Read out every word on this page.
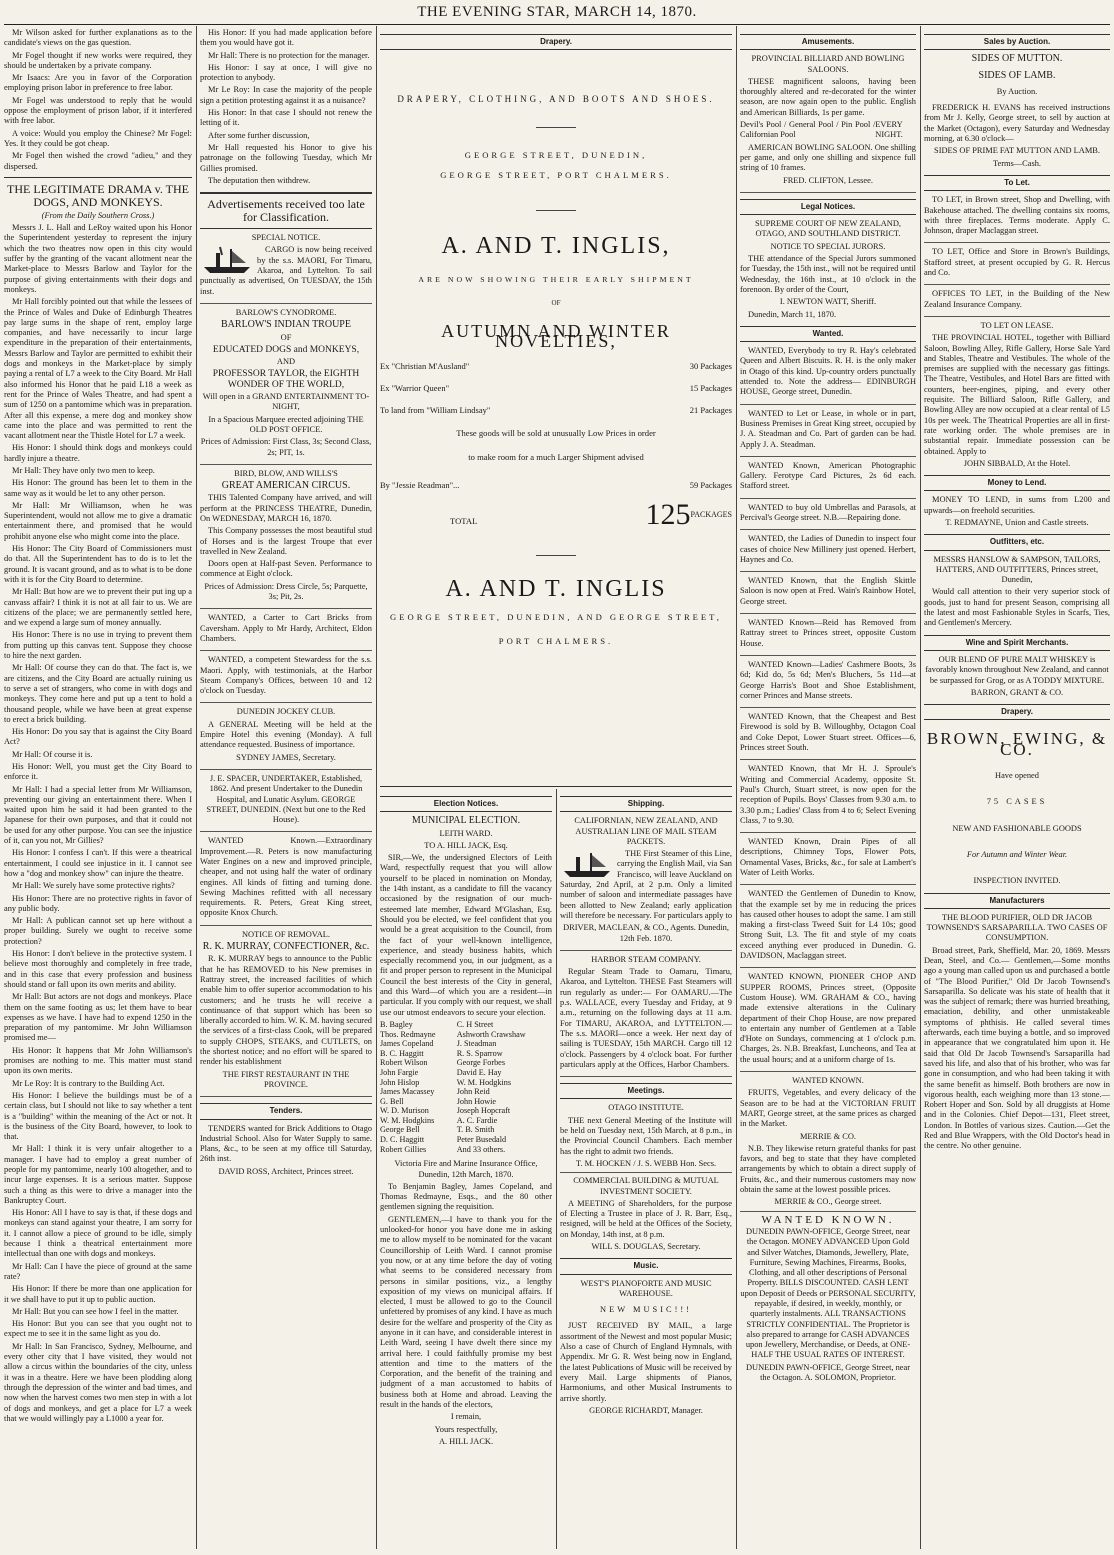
THE EVENING STAR, MARCH 14, 1870.

Mr Wilson asked for further explanations as to the candidate's views on the gas question.

Mr Fogel thought if new works were required, they should be undertaken by a private company.

Mr Isaacs: Are you in favor of the Corporation employing prison labor in preference to free labor.

Mr Fogel was understood to reply that he would oppose the employment of prison labor, if it interfered with free labor.

A voice: Would you employ the Chinese? Mr Fogel: Yes. It they could be got cheap.

Mr Fogel then wished the crowd "adieu," and they dispersed.

THE LEGITIMATE DRAMA v. THE DOGS, AND MONKEYS.

(From the Daily Southern Cross.)

Messrs J. L. Hall and LeRoy waited upon his Honor the Superintendent yesterday to represent the injury which the two theatres now open in this city would suffer by the granting of the vacant allotment near the Market-place to Messrs Barlow and Taylor for the purpose of giving entertainments with their dogs and monkeys.

Mr Hall forcibly pointed out that while the lessees of the Prince of Wales and Duke of Edinburgh Theatres pay large sums in the shape of rent, employ large companies, and have necessarily to incur large expenditure in the preparation of their entertainments, Messrs Barlow and Taylor are permitted to exhibit their dogs and monkeys in the Market-place by simply paying a rental of L7 a week to the City Board. Mr Hall also informed his Honor that he paid L18 a week as rent for the Prince of Wales Theatre, and had spent a sum of 1250 on a pantomime which was in preparation. After all this expense, a mere dog and monkey show came into the place and was permitted to rent the vacant allotment near the Thistle Hotel for L7 a week.

His Honor: I should think dogs and monkeys could hardly injure a theatre.

Mr Hall: They have only two men to keep.

His Honor: The ground has been let to them in the same way as it would be let to any other person.

Mr Hall: Mr Williamson, when he was Superintendent, would not allow me to give a dramatic entertainment there, and promised that he would prohibit anyone else who might come into the place.

His Honor: The City Board of Commissioners must do that. All the Superintendent has to do is to let the ground. It is vacant ground, and as to what is to be done with it is for the City Board to determine.

Mr Hall: But how are we to prevent their put ing up a canvass affair? I think it is not at all fair to us. We are citizens of the place; we are permanently settled here, and we expend a large sum of money annually.

His Honor: There is no use in trying to prevent them from putting up this canvas tent. Suppose they choose to hire the next garden.

Mr Hall: Of course they can do that. The fact is, we are citizens, and the City Board are actually ruining us to serve a set of strangers, who come in with dogs and monkeys. They come here and put up a tent to hold a thousand people, while we have been at great expense to erect a brick building.

His Honor: Do you say that is against the City Board Act?

Mr Hall: Of course it is.

His Honor: Well, you must get the City Board to enforce it.

Mr Hall: I had a special letter from Mr Williamson, preventing our giving an entertainment there. When I waited upon him he said it had been granted to the Japanese for their own purposes, and that it could not be used for any other purpose. You can see the injustice of it, can you not, Mr Gillies?

His Honor: I confess I can't. If this were a theatrical entertainment, I could see injustice in it. I cannot see how a "dog and monkey show" can injure the theatre.

Mr Hall: We surely have some protective rights?

His Honor: There are no protective rights in favor of any public body.

Mr Hall: A publican cannot set up here without a proper building. Surely we ought to receive some protection?

His Honor: I don't believe in the protective system. I believe most thoroughly and completely in free trade, and in this case that every profession and business should stand or fall upon its own merits and ability.

Mr Hall: But actors are not dogs and monkeys. Place them on the same footing as us; let them have to bear expenses as we have. I have had to expend 1250 in the preparation of my pantomime. Mr John Williamson promised me—

His Honor: It happens that Mr John Williamson's promises are nothing to me. This matter must stand upon its own merits.

Mr Le Roy: It is contrary to the Building Act.

His Honor: I believe the buildings must be of a certain class, but I should not like to say whether a tent is a "building" within the meaning of the Act or not. It is the business of the City Board, however, to look to that.

Mr Hall: I think it is very unfair altogether to a manager. I have had to employ a great number of people for my pantomime, nearly 100 altogether, and to incur large expenses. It is a serious matter. Suppose such a thing as this were to drive a manager into the Bankruptcy Court.

His Honor: All I have to say is that, if these dogs and monkeys can stand against your theatre, I am sorry for it. I cannot allow a piece of ground to be idle, simply because I think a theatrical entertainment more intellectual than one with dogs and monkeys.

Mr Hall: Can I have the piece of ground at the same rate?

His Honor: If there be more than one application for it we shall have to put it up to public auction.

Mr Hall: But you can see how I feel in the matter.

His Honor: But you can see that you ought not to expect me to see it in the same light as you do.

Mr Hall: In San Francisco, Sydney, Melbourne, and every other city that I have visited, they would not allow a circus within the boundaries of the city, unless it was in a theatre. Here we have been plodding along through the depression of the winter and bad times, and now when the harvest comes two men step in with a lot of dogs and monkeys, and get a place for L7 a week that we would willingly pay a L1000 a year for.

His Honor: If you had made application before them you would have got it.

Mr Hall: There is no protection for the manager.

His Honor: I say at once, I will give no protection to anybody.

Mr Le Roy: In case the majority of the people sign a petition protesting against it as a nuisance?

His Honor: In that case I should not renew the letting of it.

After some further discussion,

Mr Hall requested his Honor to give his patronage on the following Tuesday, which Mr Gillies promised.

The deputation then withdrew.

Advertisements received too late for Classification.

SPECIAL NOTICE.

CARGO is now being received by the s.s. MAORI, For Timaru, Akaroa, and Lyttelton. To sail punctually as advertised, On TUESDAY, the 15th inst.

BARLOW'S CYNODROME.

BARLOW'S INDIAN TROUPE

OF

EDUCATED DOGS and MONKEYS,

AND

PROFESSOR TAYLOR, the EIGHTH WONDER OF THE WORLD,

Will open in a GRAND ENTERTAINMENT TO-NIGHT,

In a Spacious Marquee erected adjoining THE OLD POST OFFICE.

Prices of Admission: First Class, 3s; Second Class, 2s; PIT, 1s.

BIRD, BLOW, AND WILLS'S

GREAT AMERICAN CIRCUS.

THIS Talented Company have arrived, and will perform at the PRINCESS THEATRE, Dunedin, On WEDNESDAY, MARCH 16, 1870.

This Company possesses the most beautiful stud of Horses and is the largest Troupe that ever travelled in New Zealand.

Doors open at Half-past Seven. Performance to commence at Eight o'clock.

Prices of Admission: Dress Circle, 5s; Parquette, 3s; Pit, 2s.

WANTED, a Carter to Cart Bricks from Caversham. Apply to Mr Hardy, Architect, Eldon Chambers.

WANTED, a competent Stewardess for the s.s. Maori. Apply, with testimonials, at the Harbor Steam Company's Offices, between 10 and 12 o'clock on Tuesday.

DUNEDIN JOCKEY CLUB.

A GENERAL Meeting will be held at the Empire Hotel this evening (Monday). A full attendance requested. Business of importance.

SYDNEY JAMES, Secretary.

J. E. SPACER, UNDERTAKER, Established, 1862. And present Undertaker to the Dunedin Hospital, and Lunatic Asylum. GEORGE STREET, DUNEDIN. (Next but one to the Red House).

WANTED Known.—Extraordinary Improvement.—R. Peters is now manufacturing Water Engines on a new and improved principle, cheaper, and not using half the water of ordinary engines. All kinds of fitting and turning done. Sewing Machines refitted with all necessary requirements. R. Peters, Great King street, opposite Knox Church.

NOTICE OF REMOVAL.

R. K. MURRAY, CONFECTIONER, &c.

R. K. MURRAY begs to announce to the Public that he has REMOVED to his New premises in Rattray street, the increased facilities of which enable him to offer superior accommodation to his customers; and he trusts he will receive a continuance of that support which has been so liberally accorded to him. W. K. M. having secured the services of a first-class Cook, will be prepared to supply CHOPS, STEAKS, and CUTLETS, on the shortest notice; and no effort will be spared to render his establishment

THE FIRST RESTAURANT IN THE PROVINCE.

Tenders.

TENDERS wanted for Brick Additions to Otago Industrial School. Also for Water Supply to same. Plans, &c., to be seen at my office till Saturday, 26th inst.

DAVID ROSS, Architect, Princes street.

Drapery.

DRAPERY, CLOTHING, AND BOOTS AND SHOES.

GEORGE STREET, DUNEDIN,

GEORGE STREET, PORT CHALMERS.

A. AND T. INGLIS,

ARE NOW SHOWING THEIR EARLY SHIPMENT

OF

AUTUMN AND WINTER NOVELTIES,
Ex "Christian M'Ausland"	30 Packages
Ex "Warrior Queen"	15 Packages
To land from "William Lindsay"	21 Packages

These goods will be sold at unusually Low Prices in order

to make room for a much Larger Shipment advised

By "Jessie Readman"...	59 Packages
TOTAL	125PACKAGES
A. AND T. INGLIS

GEORGE STREET, DUNEDIN, AND GEORGE STREET,

PORT CHALMERS.

Election Notices.

MUNICIPAL ELECTION.

LEITH WARD.

TO A. HILL JACK, Esq.

SIR,—We, the undersigned Electors of Leith Ward, respectfully request that you will allow yourself to be placed in nomination on Monday, the 14th instant, as a candidate to fill the vacancy occasioned by the resignation of our much-esteemed late member, Edward M'Glashan, Esq. Should you be elected, we feel confident that you would be a great acquisition to the Council, from the fact of your well-known intelligence, experience, and steady business habits, which especially recommend you, in our judgment, as a fit and proper person to represent in the Municipal Council the best interests of the City in general, and this Ward—of which you are a resident—in particular. If you comply with our request, we shall use our utmost endeavors to secure your election.

B. Bagley	C. H Street
Thos. Redmayne	Ashworth Crawshaw
James Copeland	J. Steadman
B. C. Haggitt	R. S. Sparrow
Robert Wilson	George Forbes
John Fargie	David E. Hay
John Hislop	W. M. Hodgkins
James Macassey	John Reid
G. Bell	John Howie
W. D. Murison	Joseph Hopcraft
W. M. Hodgkins	A. C. Fardie
George Bell	T. B. Smith
D. C. Haggitt	Peter Busedald
Robert Gillies	And 33 others.

Victoria Fire and Marine Insurance Office, Dunedin, 12th March, 1870.

To Benjamin Bagley, James Copeland, and Thomas Redmayne, Esqs., and the 80 other gentlemen signing the requisition.

GENTLEMEN,—I have to thank you for the unlooked-for honor you have done me in asking me to allow myself to be nominated for the vacant Councillorship of Leith Ward. I cannot promise you now, or at any time before the day of voting what seems to be considered necessary from persons in similar positions, viz., a lengthy exposition of my views on municipal affairs. If elected, I must be allowed to go to the Council unfettered by promises of any kind. I have as much desire for the welfare and prosperity of the City as anyone in it can have, and considerable interest in Leith Ward, seeing I have dwelt there since my arrival here. I could faithfully promise my best attention and time to the matters of the Corporation, and the benefit of the training and judgment of a man accustomed to habits of business both at Home and abroad. Leaving the result in the hands of the electors,

I remain,

Yours respectfully,

A. HILL JACK.

Shipping.

CALIFORNIAN, NEW ZEALAND, AND AUSTRALIAN LINE OF MAIL STEAM PACKETS.

THE First Steamer of this Line, carrying the English Mail, via San Francisco, will leave Auckland on Saturday, 2nd April, at 2 p.m. Only a limited number of saloon and intermediate passages have been allotted to New Zealand; early application will therefore be necessary. For particulars apply to

DRIVER, MACLEAN, & CO., Agents. Dunedin, 12th Feb. 1870.

HARBOR STEAM COMPANY.

Regular Steam Trade to Oamaru, Timaru, Akaroa, and Lyttelton. THESE Fast Steamers will run regularly as under:— For OAMARU.—The p.s. WALLACE, every Tuesday and Friday, at 9 a.m., returning on the following days at 11 a.m. For TIMARU, AKAROA, and LYTTELTON.—The s.s. MAORI—once a week. Her next day of sailing is TUESDAY, 15th MARCH. Cargo till 12 o'clock. Passengers by 4 o'clock boat. For further particulars apply at the Offices, Harbor Chambers.

Meetings.

OTAGO INSTITUTE.

THE next General Meeting of the Institute will be held on Tuesday next, 15th March, at 8 p.m., in the Provincial Council Chambers. Each member has the right to admit two friends.

T. M. HOCKEN / J. S. WEBB Hon. Secs.

COMMERCIAL BUILDING & MUTUAL INVESTMENT SOCIETY.

A MEETING of Shareholders, for the purpose of Electing a Trustee in place of J. R. Barr, Esq., resigned, will be held at the Offices of the Society, on Monday, 14th inst, at 8 p.m.

WILL S. DOUGLAS, Secretary.

Music.

WEST'S PIANOFORTE AND MUSIC WAREHOUSE.

NEW MUSIC!!!

JUST RECEIVED BY MAIL, a large assortment of the Newest and most popular Music; Also a case of Church of England Hymnals, with Appendix. Mr G. R. West being now in England, the latest Publications of Music will be received by every Mail. Large shipments of Pianos, Harmoniums, and other Musical Instruments to arrive shortly.

GEORGE RICHARDT, Manager.

Amusements.

PROVINCIAL BILLIARD AND BOWLING SALOONS.

THESE magnificent saloons, having been thoroughly altered and re-decorated for the winter season, are now again open to the public. English and American Billiards, 1s per game.

Devil's Pool / General Pool / Pin Pool / Californian Pool

EVERY NIGHT.

AMERICAN BOWLING SALOON. One shilling per game, and only one shilling and sixpence full string of 10 frames.

FRED. CLIFTON, Lessee.

Legal Notices.

SUPREME COURT OF NEW ZEALAND, OTAGO, AND SOUTHLAND DISTRICT.

NOTICE TO SPECIAL JURORS.

THE attendance of the Special Jurors summoned for Tuesday, the 15th inst., will not be required until Wednesday, the 16th inst., at 10 o'clock in the forenoon. By order of the Court,

I. NEWTON WATT, Sheriff.

Dunedin, March 11, 1870.

Wanted.

WANTED, Everybody to try R. Hay's celebrated Queen and Albert Biscuits. R. H. is the only maker in Otago of this kind. Up-country orders punctually attended to. Note the address— EDINBURGH HOUSE, George street, Dunedin.

WANTED to Let or Lease, in whole or in part, Business Premises in Great King street, occupied by J. A. Steadman and Co. Part of garden can be had. Apply J. A. Steadman.

WANTED Known, American Photographic Gallery. Ferotype Card Pictures, 2s 6d each. Stafford street.

WANTED to buy old Umbrellas and Parasols, at Percival's George street. N.B.—Repairing done.

WANTED, the Ladies of Dunedin to inspect four cases of choice New Millinery just opened. Herbert, Haynes and Co.

WANTED Known, that the English Skittle Saloon is now open at Fred. Wain's Rainbow Hotel, George street.

WANTED Known—Reid has Removed from Rattray street to Princes street, opposite Custom House.

WANTED Known—Ladies' Cashmere Boots, 3s 6d; Kid do, 5s 6d; Men's Bluchers, 5s 11d—at George Harris's Boot and Shoe Establishment, corner Princes and Manse streets.

WANTED Known, that the Cheapest and Best Firewood is sold by B. Willoughby, Octagon Coal and Coke Depot, Lower Stuart street. Offices—6, Princes street South.

WANTED Known, that Mr H. J. Sproule's Writing and Commercial Academy, opposite St. Paul's Church, Stuart street, is now open for the reception of Pupils. Boys' Classes from 9.30 a.m. to 3.30 p.m.; Ladies' Class from 4 to 6; Select Evening Class, 7 to 9.30.

WANTED Known, Drain Pipes of all descriptions, Chimney Tops, Flower Pots, Ornamental Vases, Bricks, &c., for sale at Lambert's Water of Leith Works.

WANTED the Gentlemen of Dunedin to Know, that the example set by me in reducing the prices has caused other houses to adopt the same. I am still making a first-class Tweed Suit for L4 10s; good Strong Suit, L3. The fit and style of my coats exceed anything ever produced in Dunedin. G. DAVIDSON, Maclaggan street.

WANTED KNOWN, PIONEER CHOP AND SUPPER ROOMS, Princes street, (Opposite Custom House). WM. GRAHAM & CO., having made extensive alterations in the Culinary department of their Chop House, are now prepared to entertain any number of Gentlemen at a Table d'Hote on Sundays, commencing at 1 o'clock p.m. Charges, 2s. N.B. Breakfast, Luncheons, and Tea at the usual hours; and at a uniform charge of 1s.

WANTED KNOWN.

FRUITS, Vegetables, and every delicacy of the Season are to be had at the VICTORIAN FRUIT MART, George street, at the same prices as charged in the Market.

MERRIE & CO.

N.B. They likewise return grateful thanks for past favors, and beg to state that they have completed arrangements by which to obtain a direct supply of Fruits, &c., and their numerous customers may now obtain the same at the lowest possible prices.

MERRIE & CO., George street.

WANTED KNOWN.

DUNEDIN PAWN-OFFICE, George Street, near the Octagon. MONEY ADVANCED Upon Gold and Silver Watches, Diamonds, Jewellery, Plate, Furniture, Sewing Machines, Firearms, Books, Clothing, and all other descriptions of Personal Property. BILLS DISCOUNTED. CASH LENT upon Deposit of Deeds or PERSONAL SECURITY, repayable, if desired, in weekly, monthly, or quarterly instalments. ALL TRANSACTIONS STRICTLY CONFIDENTIAL. The Proprietor is also prepared to arrange for CASH ADVANCES upon Jewellery, Merchandise, or Deeds, at ONE-HALF THE USUAL RATES OF INTEREST.

DUNEDIN PAWN-OFFICE, George Street, near the Octagon. A. SOLOMON, Proprietor.

Sales by Auction.

SIDES OF MUTTON.

SIDES OF LAMB.

By Auction.

FREDERICK H. EVANS has received instructions from Mr J. Kelly, George street, to sell by auction at the Market (Octagon), every Saturday and Wednesday morning, at 6.30 o'clock—

SIDES OF PRIME FAT MUTTON AND LAMB.

Terms—Cash.

To Let.

TO LET, in Brown street, Shop and Dwelling, with Bakehouse attached. The dwelling contains six rooms, with three fireplaces. Terms moderate. Apply C. Johnson, draper Maclaggan street.

TO LET, Office and Store in Brown's Buildings, Stafford street, at present occupied by G. R. Hercus and Co.

OFFICES TO LET, in the Building of the New Zealand Insurance Company.

TO LET ON LEASE.

THE PROVINCIAL HOTEL, together with Billiard Saloon, Bowling Alley, Rifle Gallery, Horse Sale Yard and Stables, Theatre and Vestibules. The whole of the premises are supplied with the necessary gas fittings. The Theatre, Vestibules, and Hotel Bars are fitted with counters, beer-engines, piping, and every other requisite. The Billiard Saloon, Rifle Gallery, and Bowling Alley are now occupied at a clear rental of L5 10s per week. The Theatrical Properties are all in first-rate working order. The whole premises are in substantial repair. Immediate possession can be obtained. Apply to

JOHN SIBBALD, At the Hotel.

Money to Lend.

MONEY TO LEND, in sums from L200 and upwards—on freehold securities.

T. REDMAYNE, Union and Castle streets.

Outfitters, etc.

MESSRS HANSLOW & SAMPSON, TAILORS, HATTERS, AND OUTFITTERS, Princes street, Dunedin,

Would call attention to their very superior stock of goods, just to hand for present Season, comprising all the latest and most Fashionable Styles in Scarfs, Ties, and Gentlemen's Mercery.

Wine and Spirit Merchants.

OUR BLEND OF PURE MALT WHISKEY is favorably known throughout New Zealand, and cannot be surpassed for Grog, or as A TODDY MIXTURE.

BARRON, GRANT & CO.

Drapery.
BROWN, EWING, & CO.

Have opened

75 CASES

NEW AND FASHIONABLE GOODS

For Autumn and Winter Wear.

INSPECTION INVITED.

Manufacturers

THE BLOOD PURIFIER, OLD DR JACOB TOWNSEND'S SARSAPARILLA. TWO CASES OF CONSUMPTION.

Broad street, Park, Sheffield, Mar. 20, 1869. Messrs Dean, Steel, and Co.— Gentlemen,—Some months ago a young man called upon us and purchased a bottle of "The Blood Purifier," Old Dr Jacob Townsend's Sarsaparilla. So delicate was his state of health that it was the subject of remark; there was hurried breathing, emaciation, debility, and other unmistakeable symptoms of phthisis. He called several times afterwards, each time buying a bottle, and so improved in appearance that we congratulated him upon it. He said that Old Dr Jacob Townsend's Sarsaparilla had saved his life, and also that of his brother, who was far gone in consumption, and who had been taking it with the same benefit as himself. Both brothers are now in vigorous health, each weighing more than 13 stone.— Robert Hoper and Son. Sold by all druggists at Home and in the Colonies. Chief Depot—131, Fleet street, London. In Bottles of various sizes. Caution.—Get the Red and Blue Wrappers, with the Old Doctor's head in the centre. No other genuine.
